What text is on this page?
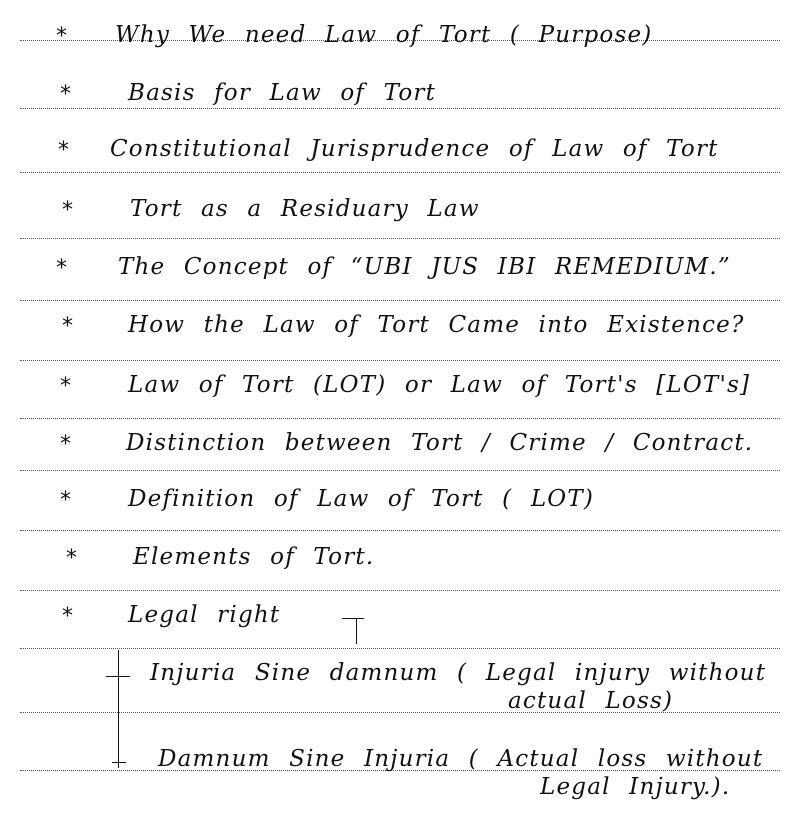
* Why We need Law of Tort ( Purpose)
* Basis for Law of Tort
* Constitutional Jurisprudence of Law of Tort
* Tort as a Residuary Law
* The Concept of “UBI JUS IBI REMEDIUM.”
* How the Law of Tort Came into Existence?
* Law of Tort (LOT) or Law of Tort's [LOT's]
* Distinction between Tort / Crime / Contract.
* Definition of Law of Tort ( LOT)
* Elements of Tort.
* Legal right
Injuria Sine damnum ( Legal injury without
actual Loss)
Damnum Sine Injuria ( Actual loss without
Legal Injury.).
